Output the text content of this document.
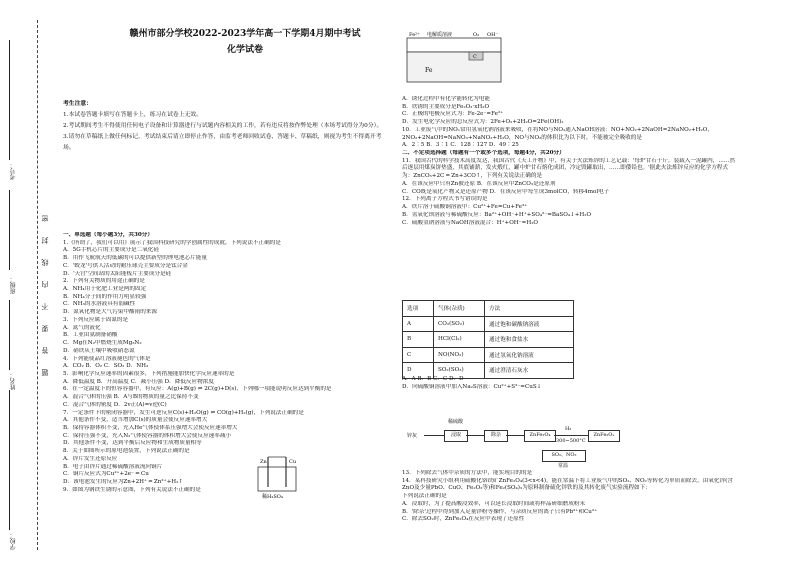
考号：
班级：
姓名：
学校：
密
封
线
内
不
要
答
题
赣州市部分学校2022-2023学年高一下学期4月期中考试
化学试卷

考生注意：

1.本试卷答题卡填写在答题卡上，练习在试卷上无效。

2.考试期间考生不得使用任何电子设备和计算器进行与试题内容相关的工作，若有违反将按作弊处理（本场考试得分为0分）。

3.请勿在草稿纸上做任何标记，考试结束后请立即停止作答，由监考老师回收试卷、答题卡、草稿纸，则视为考生不得离开考场。

一、单选题（每小题3分，共30分）

1.《所谓了，我们可以用》展示了我国科技研究的学创属性的成就，下列说法不正确的是

A．5G手机芯片的主要成分是二氧化硅

B．用作飞航航天的低碳的可以提供新型的锂电池芯片能量

C．'蛟龙'号供人活动的耐压球壳主要成分是钛合金

D．'天宫'空间站的太阳能板片主要成分是硅

2．下列有关物质的用途正确的是

A．NH₄用于化肥工业是两的固定

B．NH₄分子间的作用力明显较强

C．NH₃的水溶液具有弱碱性

D．氮氧化物是大气污染中酸雨的来源

3．下列反应属于固氮的是

A．氮气的液化

B．工业由氨制备硝酸

C．Mg在N₂中燃烧生成Mg₃N₂

D．硝铁从土壤中吸收硝态氮

4．下列能使品红溶液褪色的气体是

A．CO₂ B．O₂ C．SO₂ D．NH₃

5．影响化学反应速率的因素很多，下列措施能加快化学反应速率的是

A．降低温度 B．升高温度 C．减小压强 D．降低反应物浓度

6．在一定温度下的恒容容器中，有反应：A(g)+B(g) ⇌ 2C(g)+D(s)，下列哪一项能说明反应达到平衡的是

A．混合气体的压强 B．A与B的物质的量之比保持不变

C．混合气体的密度 D．2v正(A)=v逆(C)

7．一定条件下的密闭容器中，发生可逆反应C(s)+H₂O(g) ⇌ CO(g)+H₂(g)，下列说法正确的是

A．其他条件不变，适当增加C(s)的质量会使反应速率增大

B．保持容器体积不变，充入He气体使体系压强增大会使反应速率增大

C．保持压强不变，充入N₂气体使容器的体积增大会使反应速率减小

D．其他条件不变，达到平衡后反应物和生成物质量相等

8．关于如图所示的原电池装置，下列说法正确的是

A．锌片发生还原反应

B．电子由锌片通过稀硫酸溶液流向铜片

C．铜片反应式为Cu²⁺+2e⁻ ═ Cu

D．该电池发生的反应为Zn+2H⁺ ═ Zn²⁺+H₂↑

9．如图为钢铁生锈的示意图，下列有关说法不正确的是

Zn	Cu
稀H₂SO₄
Fe²⁺ 电解质溶液	O₂ OH⁻
Fe
C

A．锈化过程中有化学能转化为电能

B．铁锈的主要成分是Fe₂O₃·xH₂O

C．正极的电极反应式为：Fe-2e⁻=Fe²⁺

D．发生电化学反应的总反应式为：2Fe+O₂+2H₂O=2Fe(OH)₂

10．工业废气中的NOₓ常用氢氧化钠溶液来吸收，在将NO与NO₂通入NaOH溶液：NO+NO₂+2NaOH=2NaNO₂+H₂O，2NO₂+2NaOH=NaNO₃+NaNO₂+H₂O，NO与NO₂的体积比为以下时，不能被完全吸收的是

A．2∶5 B．3∶1 C．128∶127 D．49∶25

二、不定项选择题（每题有一个或多个选项，每题4分，共20分）

11．我国古代的科学技术高度发达，我国古代《天工开物》中，有关于火法炼锌的工艺记载：'每炉甘石十斤，装载入一泥罐内，……然后逐层用煤炭饼垫盛，其底铺薪，发火煅红，罐中炉甘石熔化成团，冷定毁罐取出，……即倭铅也。'据此火法炼锌反应的化学方程式为：ZnCO₃+2C ═ Zn+3CO↑，下列有关说法正确的是

A．在该反应中只有Zn被还原 B．在该反应中ZnCO₃是还原剂

C．CO既是氧化产物又是还原产物 D．在该反应中每生成3molCO，转移4mol电子

12．下列离子方程式书写错误的是

A．铁片溶于硫酸铜溶液中：Cu²⁺+Fe=Cu+Fe³⁺

B．氢氧化钡溶液与稀硫酸反应：Ba²⁺+OH⁻+H⁺+SO₄²⁻=BaSO₄↓+H₂O

C．硫酸氢钠溶液与NaOH溶液混合：H⁺+OH⁻=H₂O

选项	气体(杂质)	方法
A	CO₂(SO₂)	通过饱和碳酸钠溶液
B	HCl(Cl₂)	通过饱和食盐水
C	NO(NO₂)	通过氢氧化钠溶液
D	SO₂(SO₃)	通过澄清石灰水

A．A B．B C．C D．D

D．向硫酸铜溶液中加入Na₂S溶液：Cu²⁺+S²⁻=CuS↓

锌灰	浸取
稀硫酸
除杂	ZnFe₂O₄
H₂
300~500°C
ZnFe₂Oₓ
SO₂、NO₂
常温

13．下列除去气体中杂质的方法中，能实现目的的是

14．某科技研究小组利用硫酸化铬铁矿ZnFe₂O₄(3<x<4)，能在常温下将工业废气中的SO₂、NO₂等转化为单质而除去，由氧化锌(含ZnO及少量PbO、CuO、Fe₂O₃等)和Fe₂(SO₄)₃为原料制备硫化锌铁的及其转化废气实验流程如下：

下列说法正确的是

A．浸取时，为了提高酸浸效率，可以延长浸取时间或将样品研细磨成粉末

B．'除杂'过程中得到加入足量锌粉等操作，与杂质反应的离子只有Pb²⁺和Cu²⁺

C．除去SO₂时，ZnFe₂O₄在反应中表现了还原性
